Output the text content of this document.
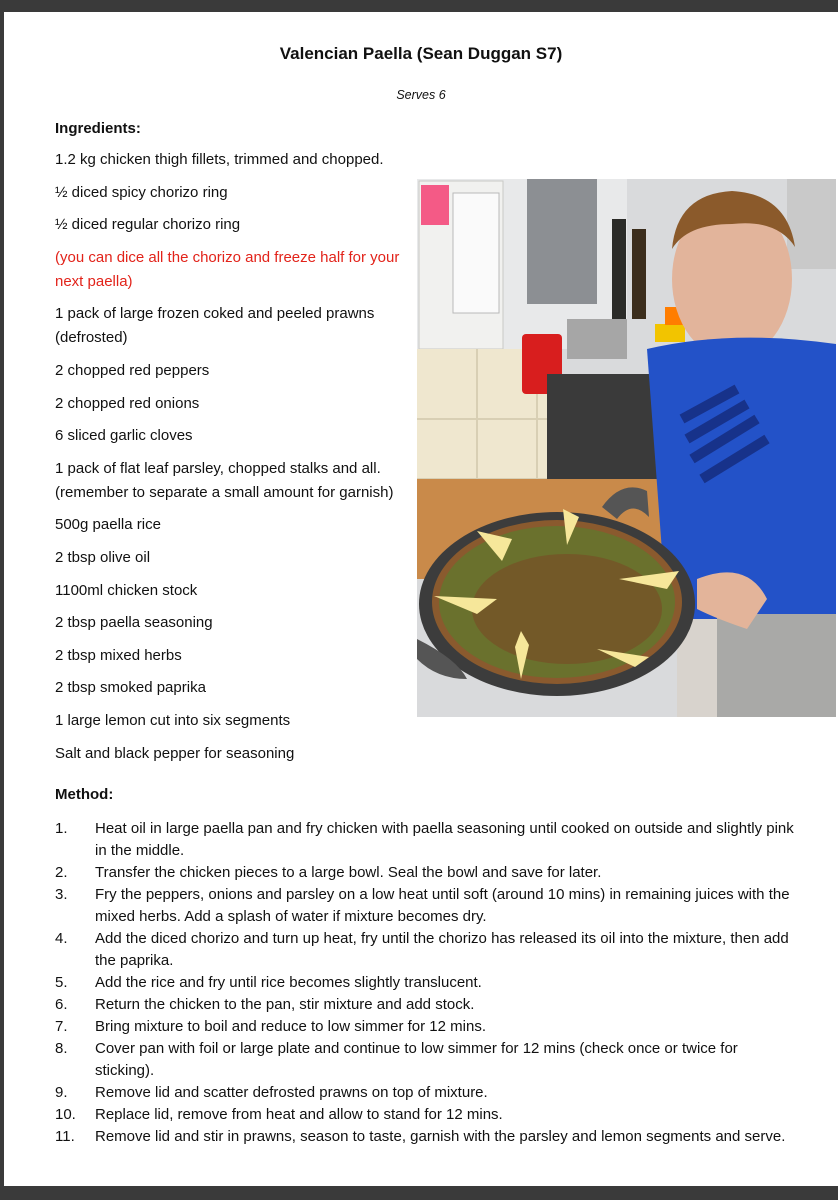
Valencian Paella (Sean Duggan S7)
Serves 6
Ingredients:
1.2 kg chicken thigh fillets, trimmed and chopped.
½ diced spicy chorizo ring
½ diced regular chorizo ring
(you can dice all the chorizo and freeze half for your next paella)
1 pack of large frozen coked and peeled prawns (defrosted)
2 chopped red peppers
2 chopped red onions
6 sliced garlic cloves
1 pack of flat leaf parsley, chopped stalks and all. (remember to separate a small amount for garnish)
500g paella rice
2 tbsp olive oil
1100ml chicken stock
2 tbsp paella seasoning
2 tbsp mixed herbs
2 tbsp smoked paprika
1 large lemon cut into six segments
Salt and black pepper for seasoning
Method:
1.	Heat oil in large paella pan and fry chicken with paella seasoning until cooked on outside and slightly pink in the middle.
2.	Transfer the chicken pieces to a large bowl. Seal the bowl and save for later.
3.	Fry the peppers, onions and parsley on a low heat until soft (around 10 mins) in remaining juices with the mixed herbs. Add a splash of water if mixture becomes dry.
4.	Add the diced chorizo and turn up heat, fry until the chorizo has released its oil into the mixture, then add the paprika.
5.	Add the rice and fry until rice becomes slightly translucent.
6.	Return the chicken to the pan, stir mixture and add stock.
7.	Bring mixture to boil and reduce to low simmer for 12 mins.
8.	Cover pan with foil or large plate and continue to low simmer for 12 mins (check once or twice for sticking).
9.	Remove lid and scatter defrosted prawns on top of mixture.
10.	Replace lid, remove from heat and allow to stand for 12 mins.
11.	Remove lid and stir in prawns, season to taste, garnish with the parsley and lemon segments and serve.
